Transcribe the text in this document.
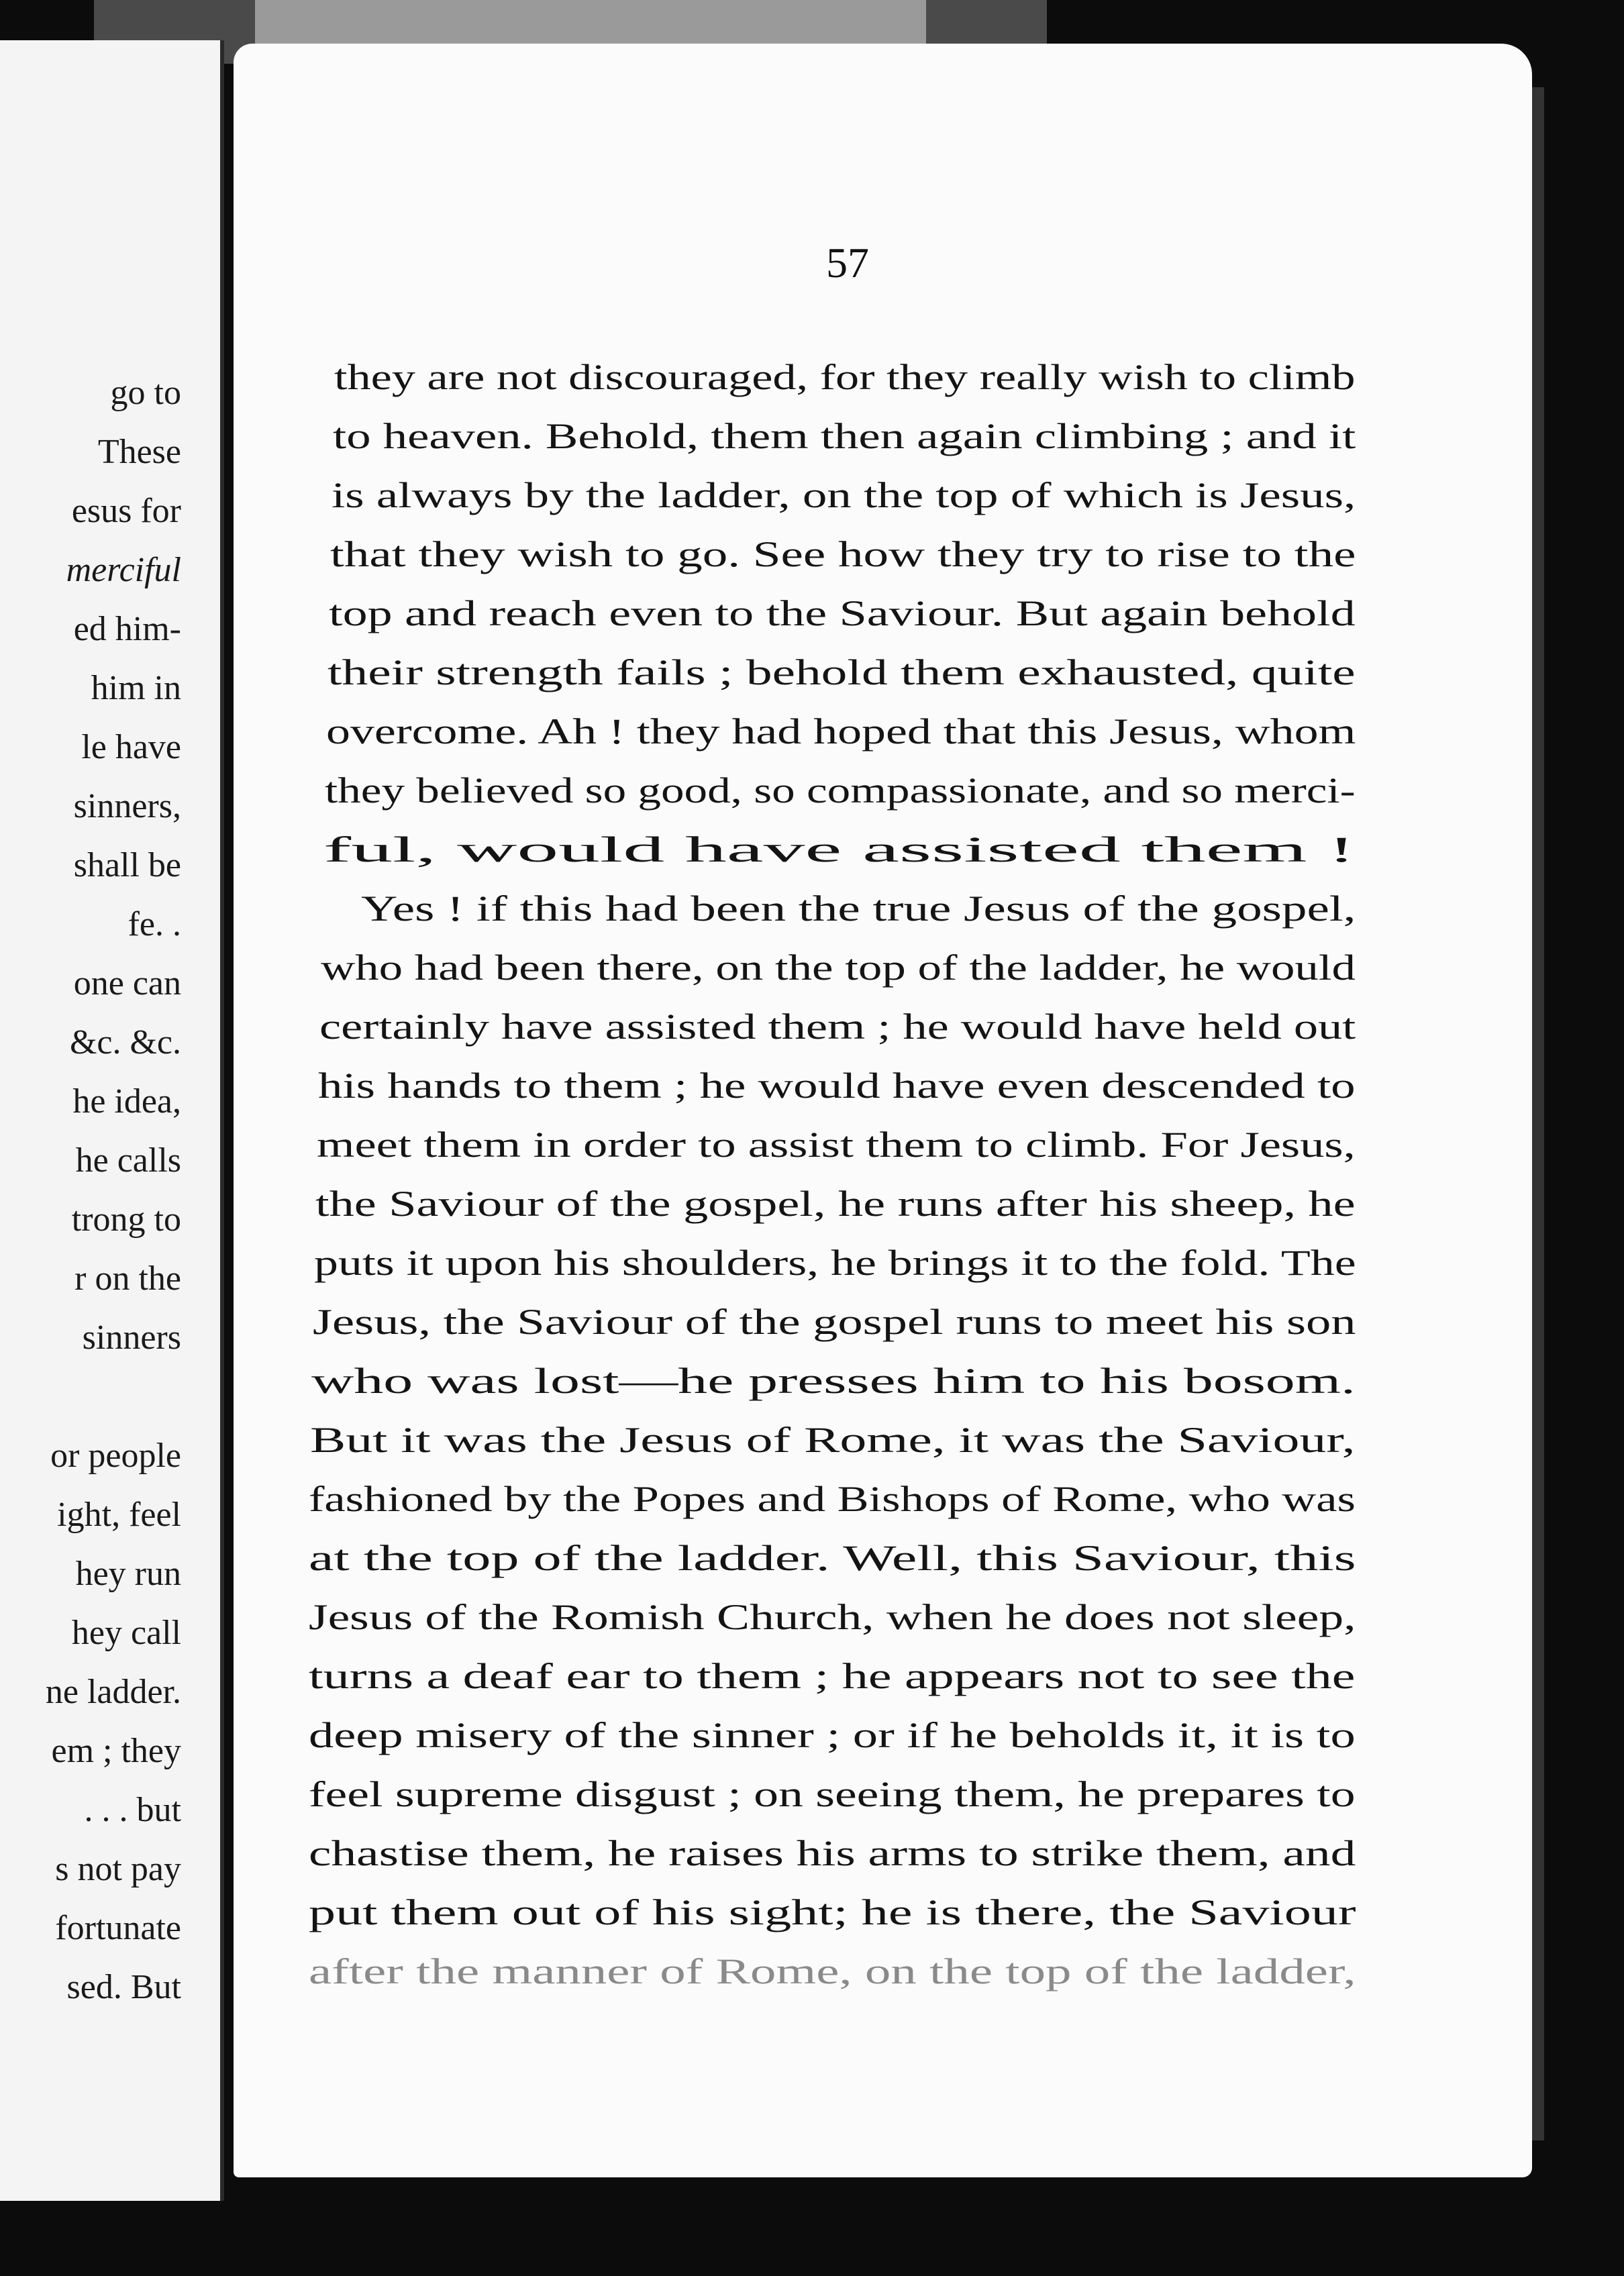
go to
These
esus for
merciful
ed him-
him in
le have
sinners,
shall be
fe. .
one can
&c. &c.
he idea,
he calls
trong to
r on the
sinners
or people
ight, feel
hey run
hey call
ne ladder.
em ; they
. . . but
s not pay
fortunate
sed. But
57
they are not discouraged, for they really wish to climb
to heaven. Behold, them then again climbing ; and it
is always by the ladder, on the top of which is Jesus,
that they wish to go. See how they try to rise to the
top and reach even to the Saviour. But again behold
their strength fails ; behold them exhausted, quite
overcome. Ah ! they had hoped that this Jesus, whom
they believed so good, so compassionate, and so merci-
ful, would have assisted them !
Yes ! if this had been the true Jesus of the gospel,
who had been there, on the top of the ladder, he would
certainly have assisted them ; he would have held out
his hands to them ; he would have even descended to
meet them in order to assist them to climb. For Jesus,
the Saviour of the gospel, he runs after his sheep, he
puts it upon his shoulders, he brings it to the fold. The
Jesus, the Saviour of the gospel runs to meet his son
who was lost—he presses him to his bosom.
But it was the Jesus of Rome, it was the Saviour,
fashioned by the Popes and Bishops of Rome, who was
at the top of the ladder. Well, this Saviour, this
Jesus of the Romish Church, when he does not sleep,
turns a deaf ear to them ; he appears not to see the
deep misery of the sinner ; or if he beholds it, it is to
feel supreme disgust ; on seeing them, he prepares to
chastise them, he raises his arms to strike them, and
put them out of his sight; he is there, the Saviour
after the manner of Rome, on the top of the ladder,
